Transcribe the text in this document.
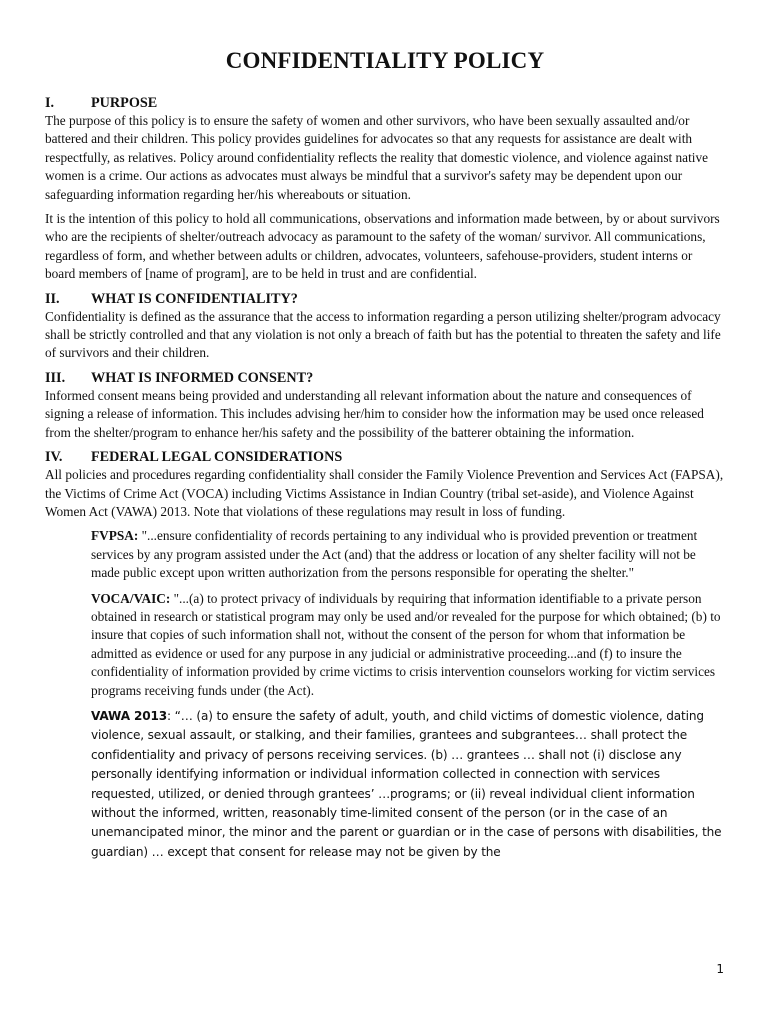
CONFIDENTIALITY POLICY
I.	PURPOSE

The purpose of this policy is to ensure the safety of women and other survivors, who have been sexually assaulted and/or battered and their children. This policy provides guidelines for advocates so that any requests for assistance are dealt with respectfully, as relatives. Policy around confidentiality reflects the reality that domestic violence, and violence against native women is a crime. Our actions as advocates must always be mindful that a survivor's safety may be dependent upon our safeguarding information regarding her/his whereabouts or situation.

It is the intention of this policy to hold all communications, observations and information made between, by or about survivors who are the recipients of shelter/outreach advocacy as paramount to the safety of the woman/ survivor. All communications, regardless of form, and whether between adults or children, advocates, volunteers, safehouse-providers, student interns or board members of [name of program], are to be held in trust and are confidential.

II.	WHAT IS CONFIDENTIALITY?

Confidentiality is defined as the assurance that the access to information regarding a person utilizing shelter/program advocacy shall be strictly controlled and that any violation is not only a breach of faith but has the potential to threaten the safety and life of survivors and their children.

III.	WHAT IS INFORMED CONSENT?

Informed consent means being provided and understanding all relevant information about the nature and consequences of signing a release of information. This includes advising her/him to consider how the information may be used once released from the shelter/program to enhance her/his safety and the possibility of the batterer obtaining the information.

IV.	FEDERAL LEGAL CONSIDERATIONS

All policies and procedures regarding confidentiality shall consider the Family Violence Prevention and Services Act (FAPSA), the Victims of Crime Act (VOCA) including Victims Assistance in Indian Country (tribal set-aside), and Violence Against Women Act (VAWA) 2013. Note that violations of these regulations may result in loss of funding.

FVPSA: "...ensure confidentiality of records pertaining to any individual who is provided prevention or treatment services by any program assisted under the Act (and) that the address or location of any shelter facility will not be made public except upon written authorization from the persons responsible for operating the shelter."
VOCA/VAIC: "...(a) to protect privacy of individuals by requiring that information identifiable to a private person obtained in research or statistical program may only be used and/or revealed for the purpose for which obtained; (b) to insure that copies of such information shall not, without the consent of the person for whom that information be admitted as evidence or used for any purpose in any judicial or administrative proceeding...and (f) to insure the confidentiality of information provided by crime victims to crisis intervention counselors working for victim services programs receiving funds under (the Act).
VAWA 2013: “… (a) to ensure the safety of adult, youth, and child victims of domestic violence, dating violence, sexual assault, or stalking, and their families, grantees and subgrantees… shall protect the confidentiality and privacy of persons receiving services. (b) … grantees … shall not (i) disclose any personally identifying information or individual information collected in connection with services requested, utilized, or denied through grantees’ …programs; or (ii) reveal individual client information without the informed, written, reasonably time-limited consent of the person (or in the case of an unemancipated minor, the minor and the parent or guardian or in the case of persons with disabilities, the guardian) … except that consent for release may not be given by the
1
